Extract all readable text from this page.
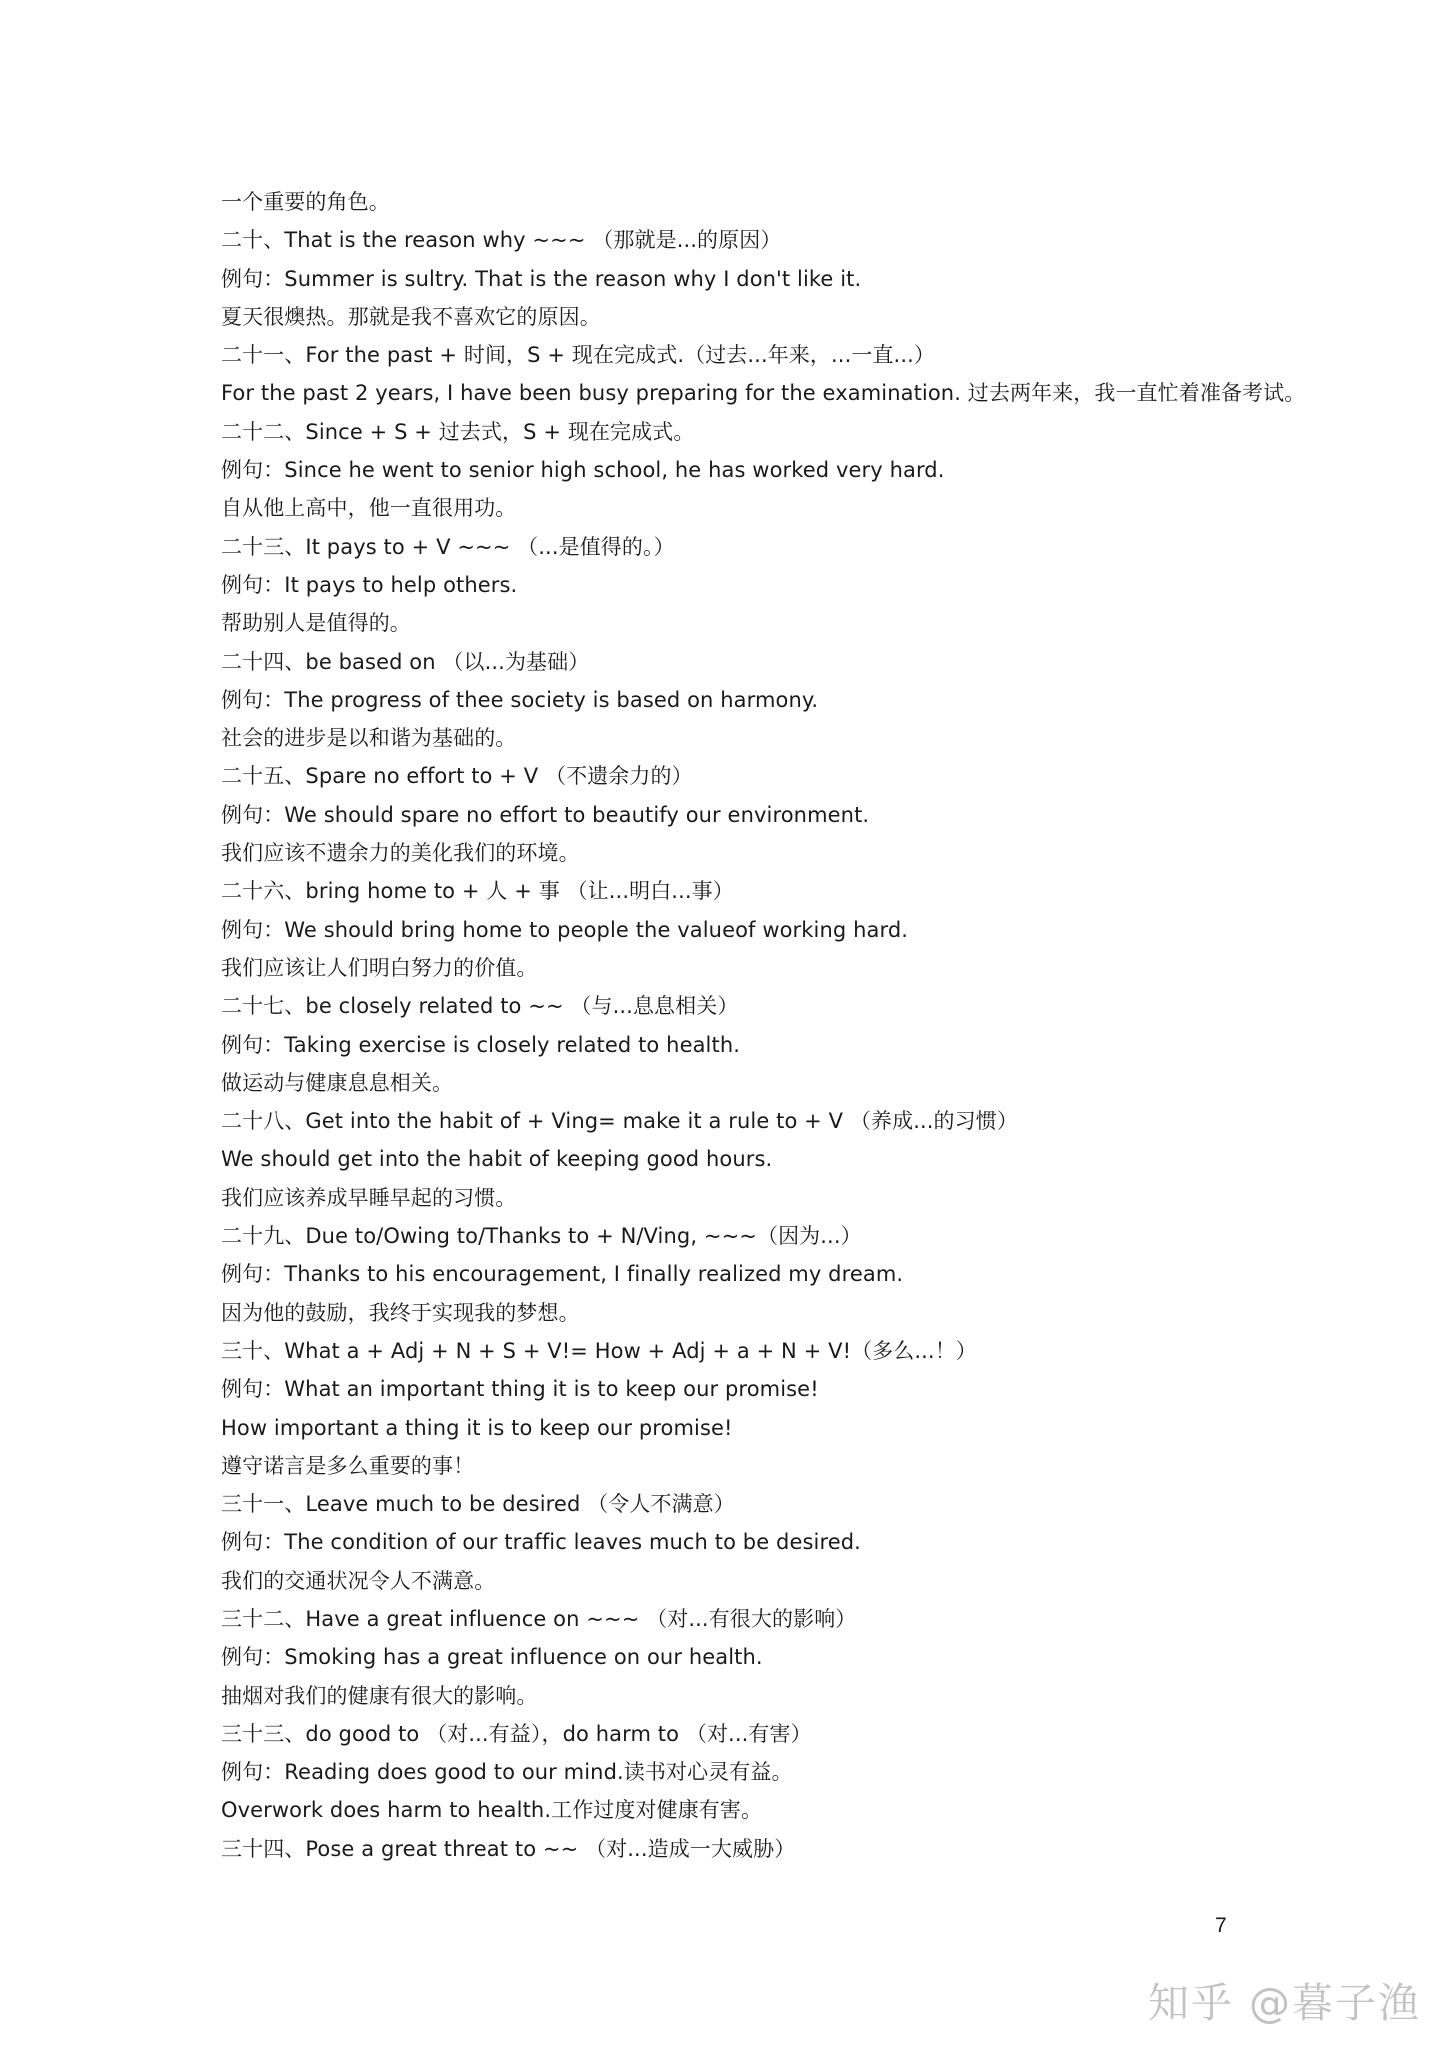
一个重要的角色。
二十、That is the reason why ~~~ （那就是...的原因）
例句：Summer is sultry. That is the reason why I don't like it.
夏天很燠热。那就是我不喜欢它的原因。
二十一、For the past + 时间，S + 现在完成式.（过去...年来，...一直...）
For the past 2 years, I have been busy preparing for the examination. 过去两年来，我一直忙着准备考试。
二十二、Since + S + 过去式，S + 现在完成式。
例句：Since he went to senior high school, he has worked very hard.
自从他上高中，他一直很用功。
二十三、It pays to + V ~~~ （...是值得的。）
例句：It pays to help others.
帮助别人是值得的。
二十四、be based on （以...为基础）
例句：The progress of thee society is based on harmony.
社会的进步是以和谐为基础的。
二十五、Spare no effort to + V （不遗余力的）
例句：We should spare no effort to beautify our environment.
我们应该不遗余力的美化我们的环境。
二十六、bring home to + 人 + 事 （让...明白...事）
例句：We should bring home to people the valueof working hard.
我们应该让人们明白努力的价值。
二十七、be closely related to ~~ （与...息息相关）
例句：Taking exercise is closely related to health.
做运动与健康息息相关。
二十八、Get into the habit of + Ving= make it a rule to + V （养成...的习惯）
We should get into the habit of keeping good hours.
我们应该养成早睡早起的习惯。
二十九、Due to/Owing to/Thanks to + N/Ving, ~~~（因为...）
例句：Thanks to his encouragement, I finally realized my dream.
因为他的鼓励，我终于实现我的梦想。
三十、What a + Adj + N + S + V!= How + Adj + a + N + V!（多么...！）
例句：What an important thing it is to keep our promise!
How important a thing it is to keep our promise!
遵守诺言是多么重要的事！
三十一、Leave much to be desired （令人不满意）
例句：The condition of our traffic leaves much to be desired.
我们的交通状况令人不满意。
三十二、Have a great influence on ~~~ （对...有很大的影响）
例句：Smoking has a great influence on our health.
抽烟对我们的健康有很大的影响。
三十三、do good to （对...有益），do harm to （对...有害）
例句：Reading does good to our mind.读书对心灵有益。
Overwork does harm to health.工作过度对健康有害。
三十四、Pose a great threat to ~~ （对...造成一大威胁）
7
知乎 @暮子渔
